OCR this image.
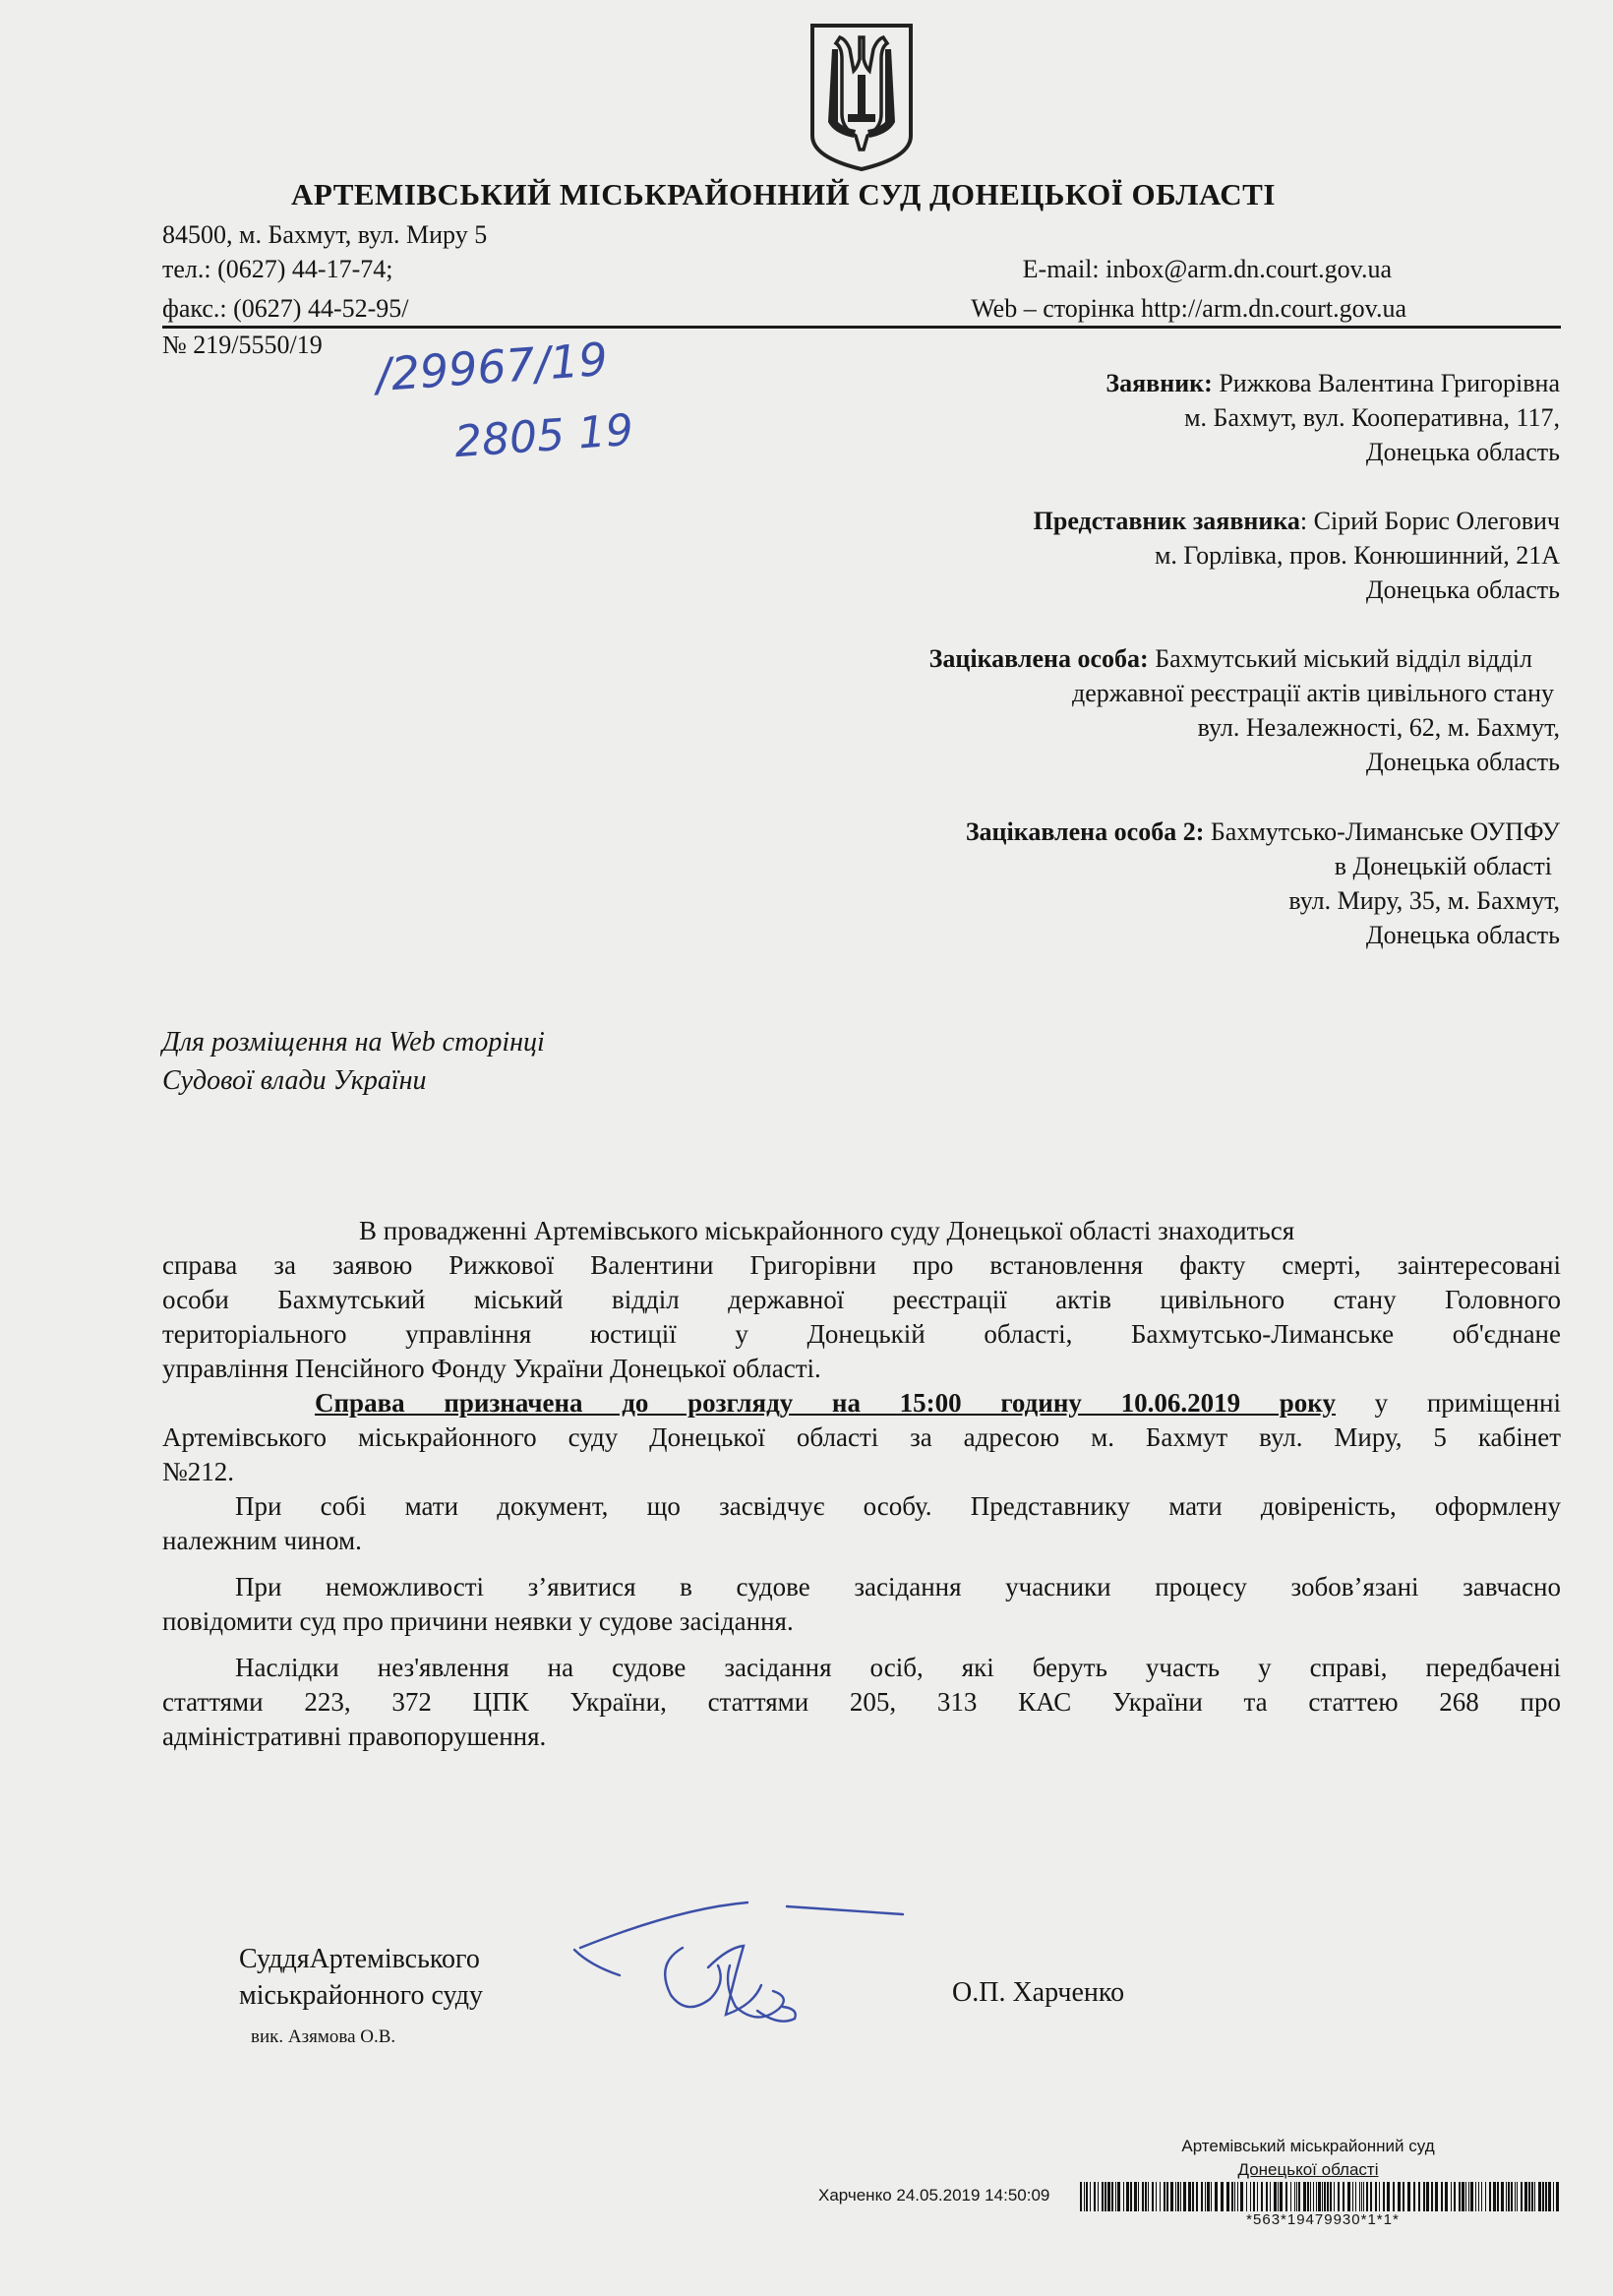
АРТЕМІВСЬКИЙ МІСЬКРАЙОННИЙ СУД ДОНЕЦЬКОЇ ОБЛАСТІ
84500, м. Бахмут, вул. Миру 5
тел.: (0627) 44-17-74;
факс.: (0627) 44-52-95/
E-mail: inbox@arm.dn.court.gov.ua
Web – сторінка http://arm.dn.court.gov.ua
№ 219/5550/19 /29967/19
2805 19
Заявник: Рижкова Валентина Григорівна
м. Бахмут, вул. Кооперативна, 117,
Донецька область
Представник заявника: Сірий Борис Олегович
м. Горлівка, пров. Конюшинний, 21А
Донецька область
Зацікавлена особа: Бахмутський міський відділ відділ
державної реєстрації актів цивільного стану
вул. Незалежності, 62, м. Бахмут,
Донецька область
Зацікавлена особа 2: Бахмутсько-Лиманське ОУПФУ
в Донецькій області
вул. Миру, 35, м. Бахмут,
Донецька область
Для розміщення на Web сторінці
Судової влади України
В провадженні Артемівського міськрайонного суду Донецької області знаходиться
справа за заявою Рижкової Валентини Григорівни про встановлення факту смерті, заінтересовані
особи Бахмутський міський відділ державної реєстрації актів цивільного стану Головного
територіального управління юстиції у Донецькій області, Бахмутсько-Лиманське об'єднане
управління Пенсійного Фонду України Донецької області.
Справа призначена до розгляду на 15:00 годину 10.06.2019 року у приміщенні
Артемівського міськрайонного суду Донецької області за адресою м. Бахмут вул. Миру, 5 кабінет
№212.
При собі мати документ, що засвідчує особу. Представнику мати довіреність, оформлену
належним чином.
При неможливості з’явитися в судове засідання учасники процесу зобов’язані завчасно
повідомити суд про причини неявки у судове засідання.
Наслідки нез'явлення на судове засідання осіб, які беруть участь у справі, передбачені
статтями 223, 372 ЦПК України, статтями 205, 313 КАС України та статтею 268 про
адміністративні правопорушення.
СуддяАртемівського
міськрайонного суду
вик. Азямова О.В.
О.П. Харченко
Артемівський міськрайонний суд
Донецької області
Харченко 24.05.2019 14:50:09
*563*19479930*1*1*
